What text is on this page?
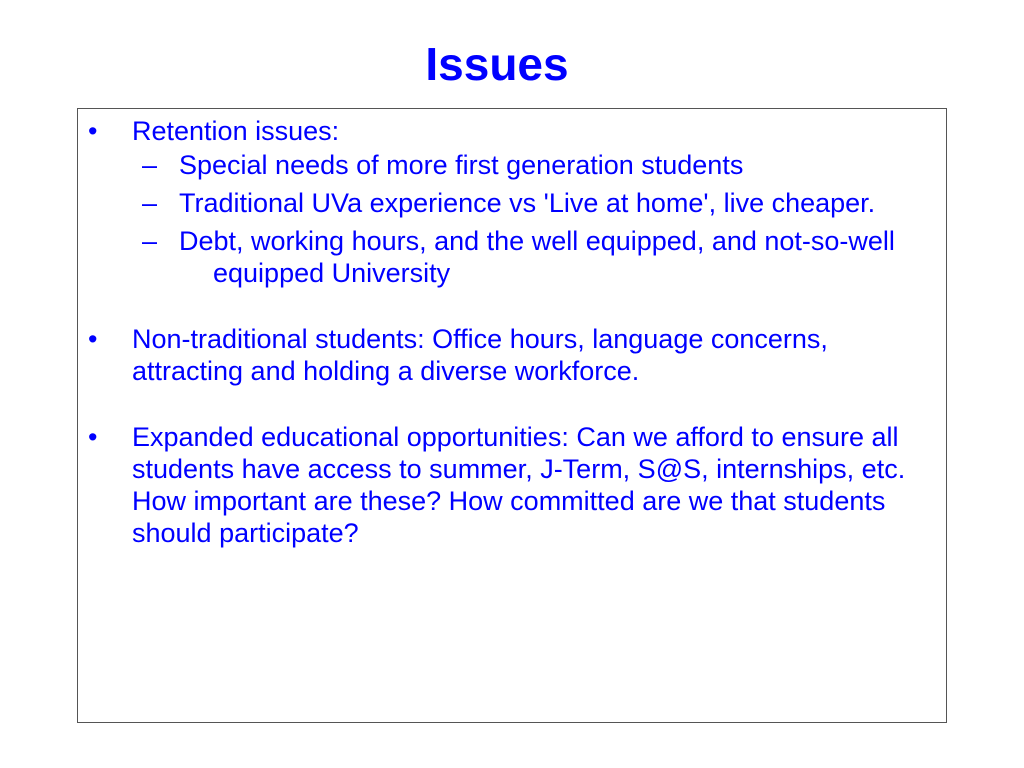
Issues
•	Retention issues:
– Special needs of more first generation students
– Traditional UVa experience vs 'Live at home', live cheaper.
– Debt, working hours, and the well equipped, and not-so-wellequipped University
•	Non-traditional students: Office hours, language concerns, attracting and holding a diverse workforce.
•	Expanded educational opportunities: Can we afford to ensure all students have access to summer, J-Term, S@S, internships, etc. How important are these? How committed are we that students should participate?
